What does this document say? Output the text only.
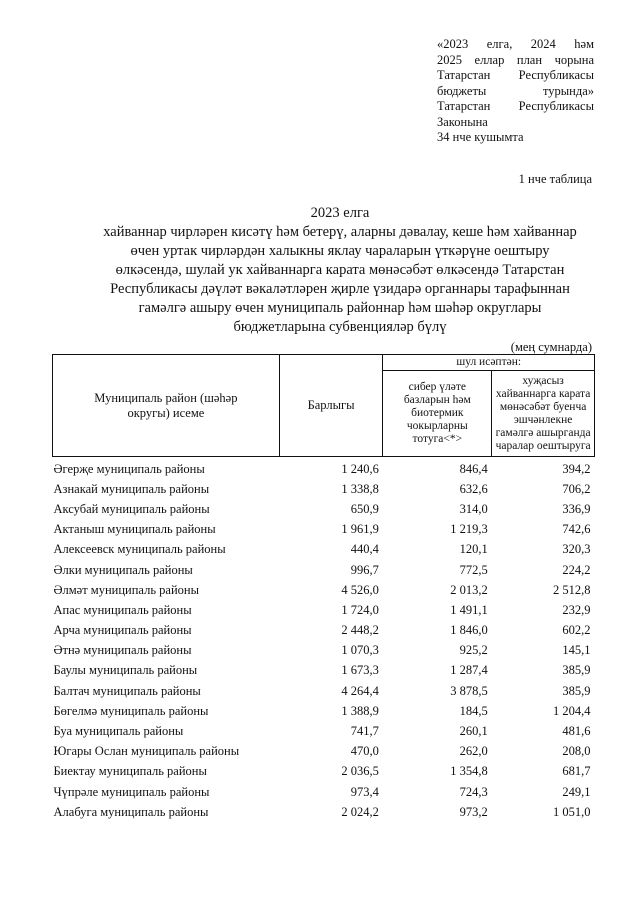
«2023 елга, 2024 һәм
2025 еллар план чорына
Татарстан Республикасы
бюджеты турында»
Татарстан Республикасы
Законына
34 нче кушымта
1 нче таблица
2023 елга
хайваннар чирләрен кисәтү һәм бетерү, аларны дәвалау, кеше һәм хайваннар
өчен уртак чирләрдән халыкны яклау чараларын үткәрүне оештыру
өлкәсендә, шулай ук хайваннарга карата мөнәсәбәт өлкәсендә Татарстан
Республикасы дәүләт вәкаләтләрен җирле үзидарә органнары тарафыннан
гамәлгә ашыру өчен муниципаль районнар һәм шәһәр округлары
бюджетларына субвенцияләр бүлү
(мең сумнарда)
Муниципаль район (шәһәр округы) исеме	Барлыгы	шул исәптән:	
		сибер үләте базларын һәм биотермик чокырларны тотуга<*>	хуҗасыз хайваннарга карата мөнәсәбәт буенча эшчәнлекне гамәлгә ашырганда чаралар оештыруга
Әгерҗе муниципаль районы	1 240,6	846,4	394,2
Азнакай муниципаль районы	1 338,8	632,6	706,2
Аксубай муниципаль районы	650,9	314,0	336,9
Актаныш муниципаль районы	1 961,9	1 219,3	742,6
Алексеевск муниципаль районы	440,4	120,1	320,3
Әлки муниципаль районы	996,7	772,5	224,2
Әлмәт муниципаль районы	4 526,0	2 013,2	2 512,8
Апас муниципаль районы	1 724,0	1 491,1	232,9
Арча муниципаль районы	2 448,2	1 846,0	602,2
Әтнә муниципаль районы	1 070,3	925,2	145,1
Баулы муниципаль районы	1 673,3	1 287,4	385,9
Балтач муниципаль районы	4 264,4	3 878,5	385,9
Бөгелмә муниципаль районы	1 388,9	184,5	1 204,4
Буа муниципаль районы	741,7	260,1	481,6
Югары Ослан муниципаль районы	470,0	262,0	208,0
Биектау муниципаль районы	2 036,5	1 354,8	681,7
Чүпрәле муниципаль районы	973,4	724,3	249,1
Алабуга муниципаль районы	2 024,2	973,2	1 051,0
